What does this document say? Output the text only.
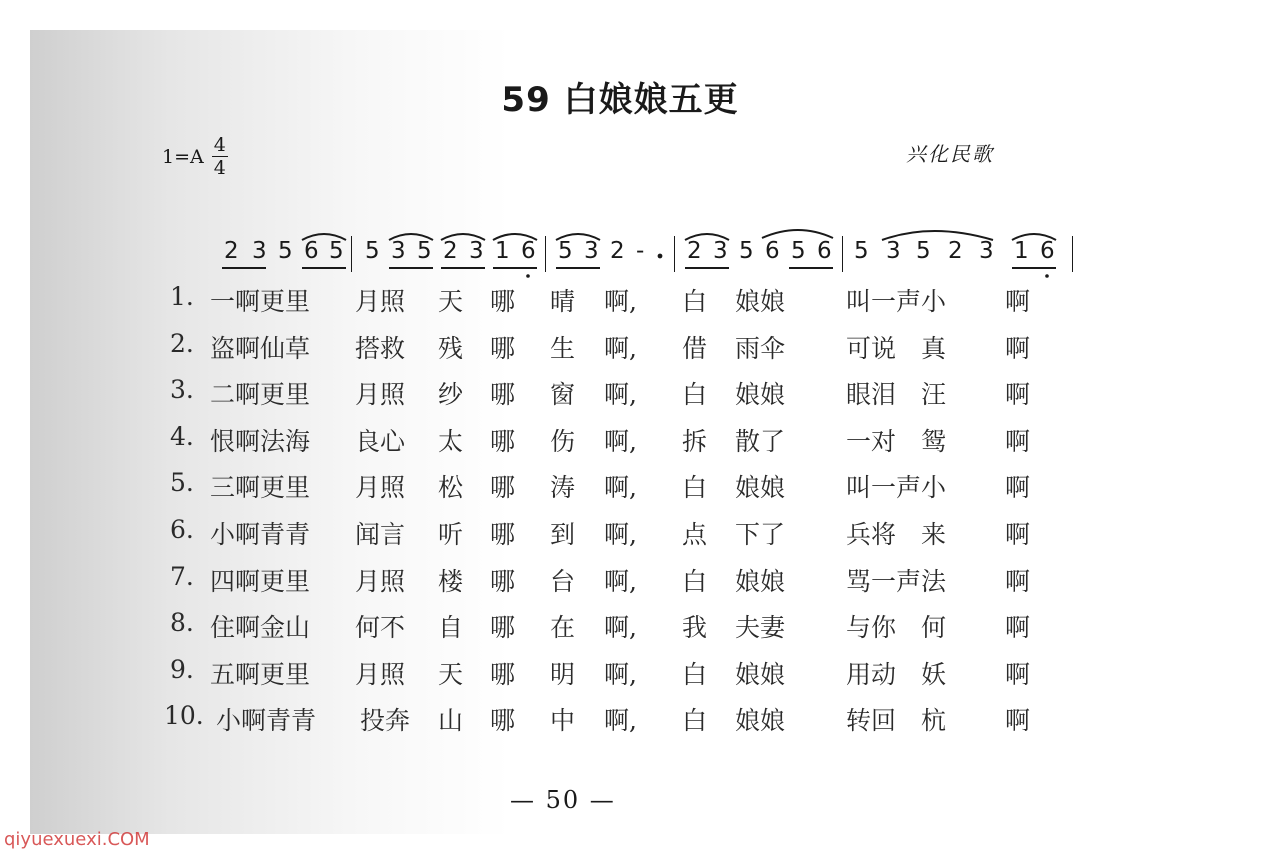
59 白娘娘五更
$1=A \frac{4}{4}$	兴化民歌
2 3 5 6 5 5 3 5 2 3 1 6 5 3 2 - 2 3 5 6 5 6 5 3 5 2 3 1 6
1. 一啊更里 月照 天 哪 晴 啊, 白 娘娘 叫一声小 啊
2. 盗啊仙草 搭救 残 哪 生 啊, 借 雨伞 可说　真 啊
3. 二啊更里 月照 纱 哪 窗 啊, 白 娘娘 眼泪　汪 啊
4. 恨啊法海 良心 太 哪 伤 啊, 拆 散了 一对　鸳 啊
5. 三啊更里 月照 松 哪 涛 啊, 白 娘娘 叫一声小 啊
6. 小啊青青 闻言 听 哪 到 啊, 点 下了 兵将　来 啊
7. 四啊更里 月照 楼 哪 台 啊, 白 娘娘 骂一声法 啊
8. 住啊金山 何不 自 哪 在 啊, 我 夫妻 与你　何 啊
9. 五啊更里 月照 天 哪 明 啊, 白 娘娘 用动　妖 啊
10. 小啊青青 投奔 山 哪 中 啊, 白 娘娘 转回　杭 啊
— 50 —
qiyuexuexi.COM
